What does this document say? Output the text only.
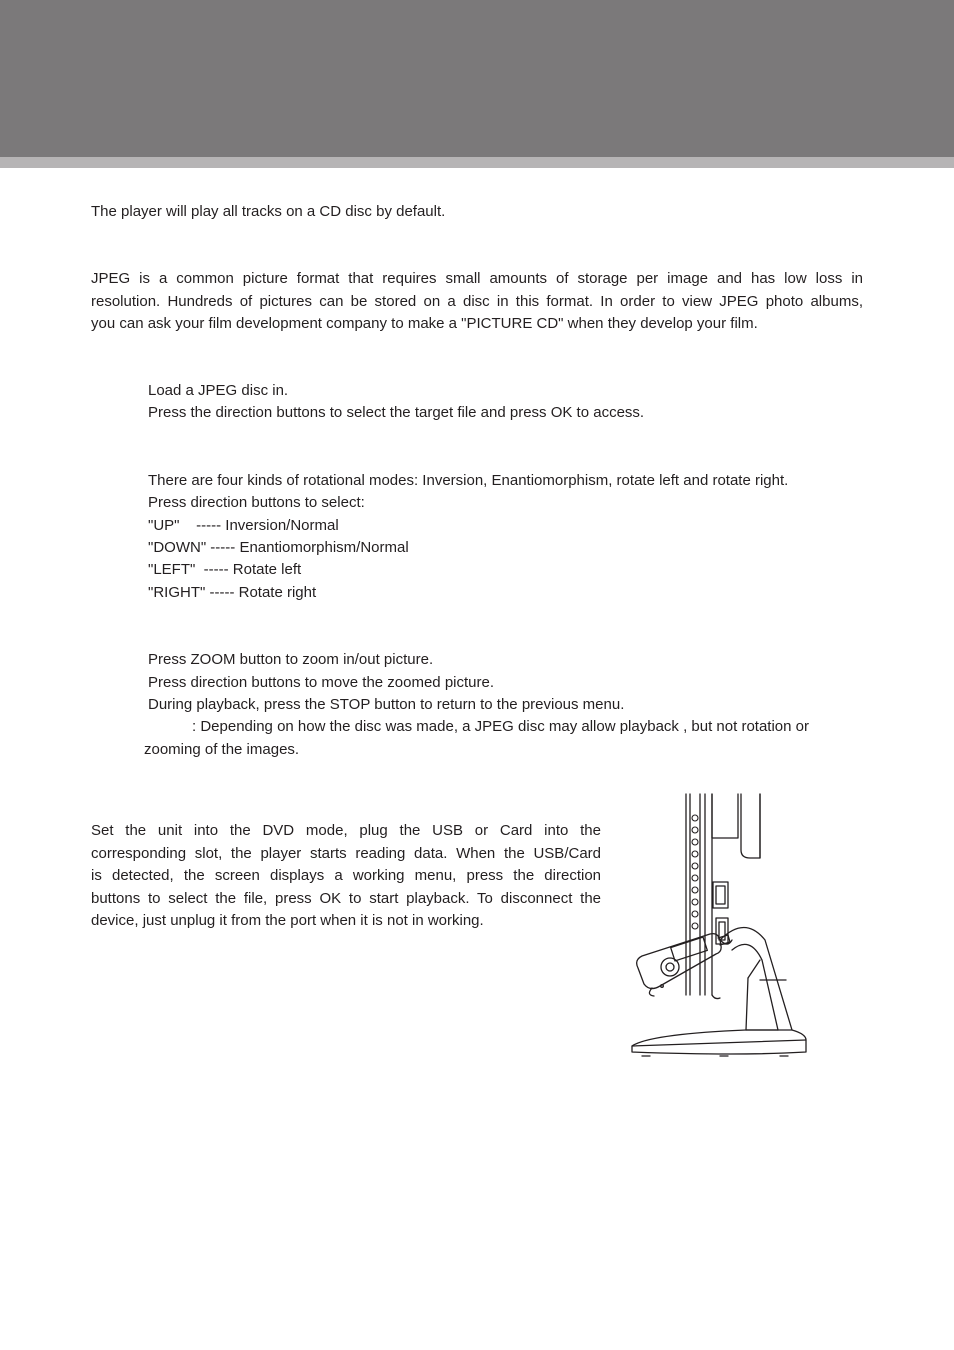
The player will play all tracks on a CD disc by default.

JPEG is a common picture format that requires small amounts of storage per image and has low loss in
resolution. Hundreds of pictures can be stored on a disc in this format. In order to view JPEG photo albums,
you can ask your film development company to make a "PICTURE CD" when they develop your film.

Load a JPEG disc in.

Press the direction buttons to select the target file and press OK to access.

There are four kinds of rotational modes: Inversion, Enantiomorphism, rotate left and rotate right.

Press direction buttons to select:

"UP"    ----- Inversion/Normal

"DOWN" ----- Enantiomorphism/Normal

"LEFT"  ----- Rotate left

"RIGHT" ----- Rotate right

Press ZOOM button to zoom in/out picture.

Press direction buttons to move the zoomed picture.

During playback, press the STOP button to return to the previous menu.

: Depending on how the disc was made, a JPEG disc may allow playback , but not rotation or

zooming of the images.

Set the unit into the DVD mode, plug the USB or Card into the
corresponding slot, the player starts reading data. When the USB/Card
is detected, the screen displays a working menu, press the direction
buttons to select the file, press OK to start playback. To disconnect the
device, just unplug it from the port when it is not in working.
